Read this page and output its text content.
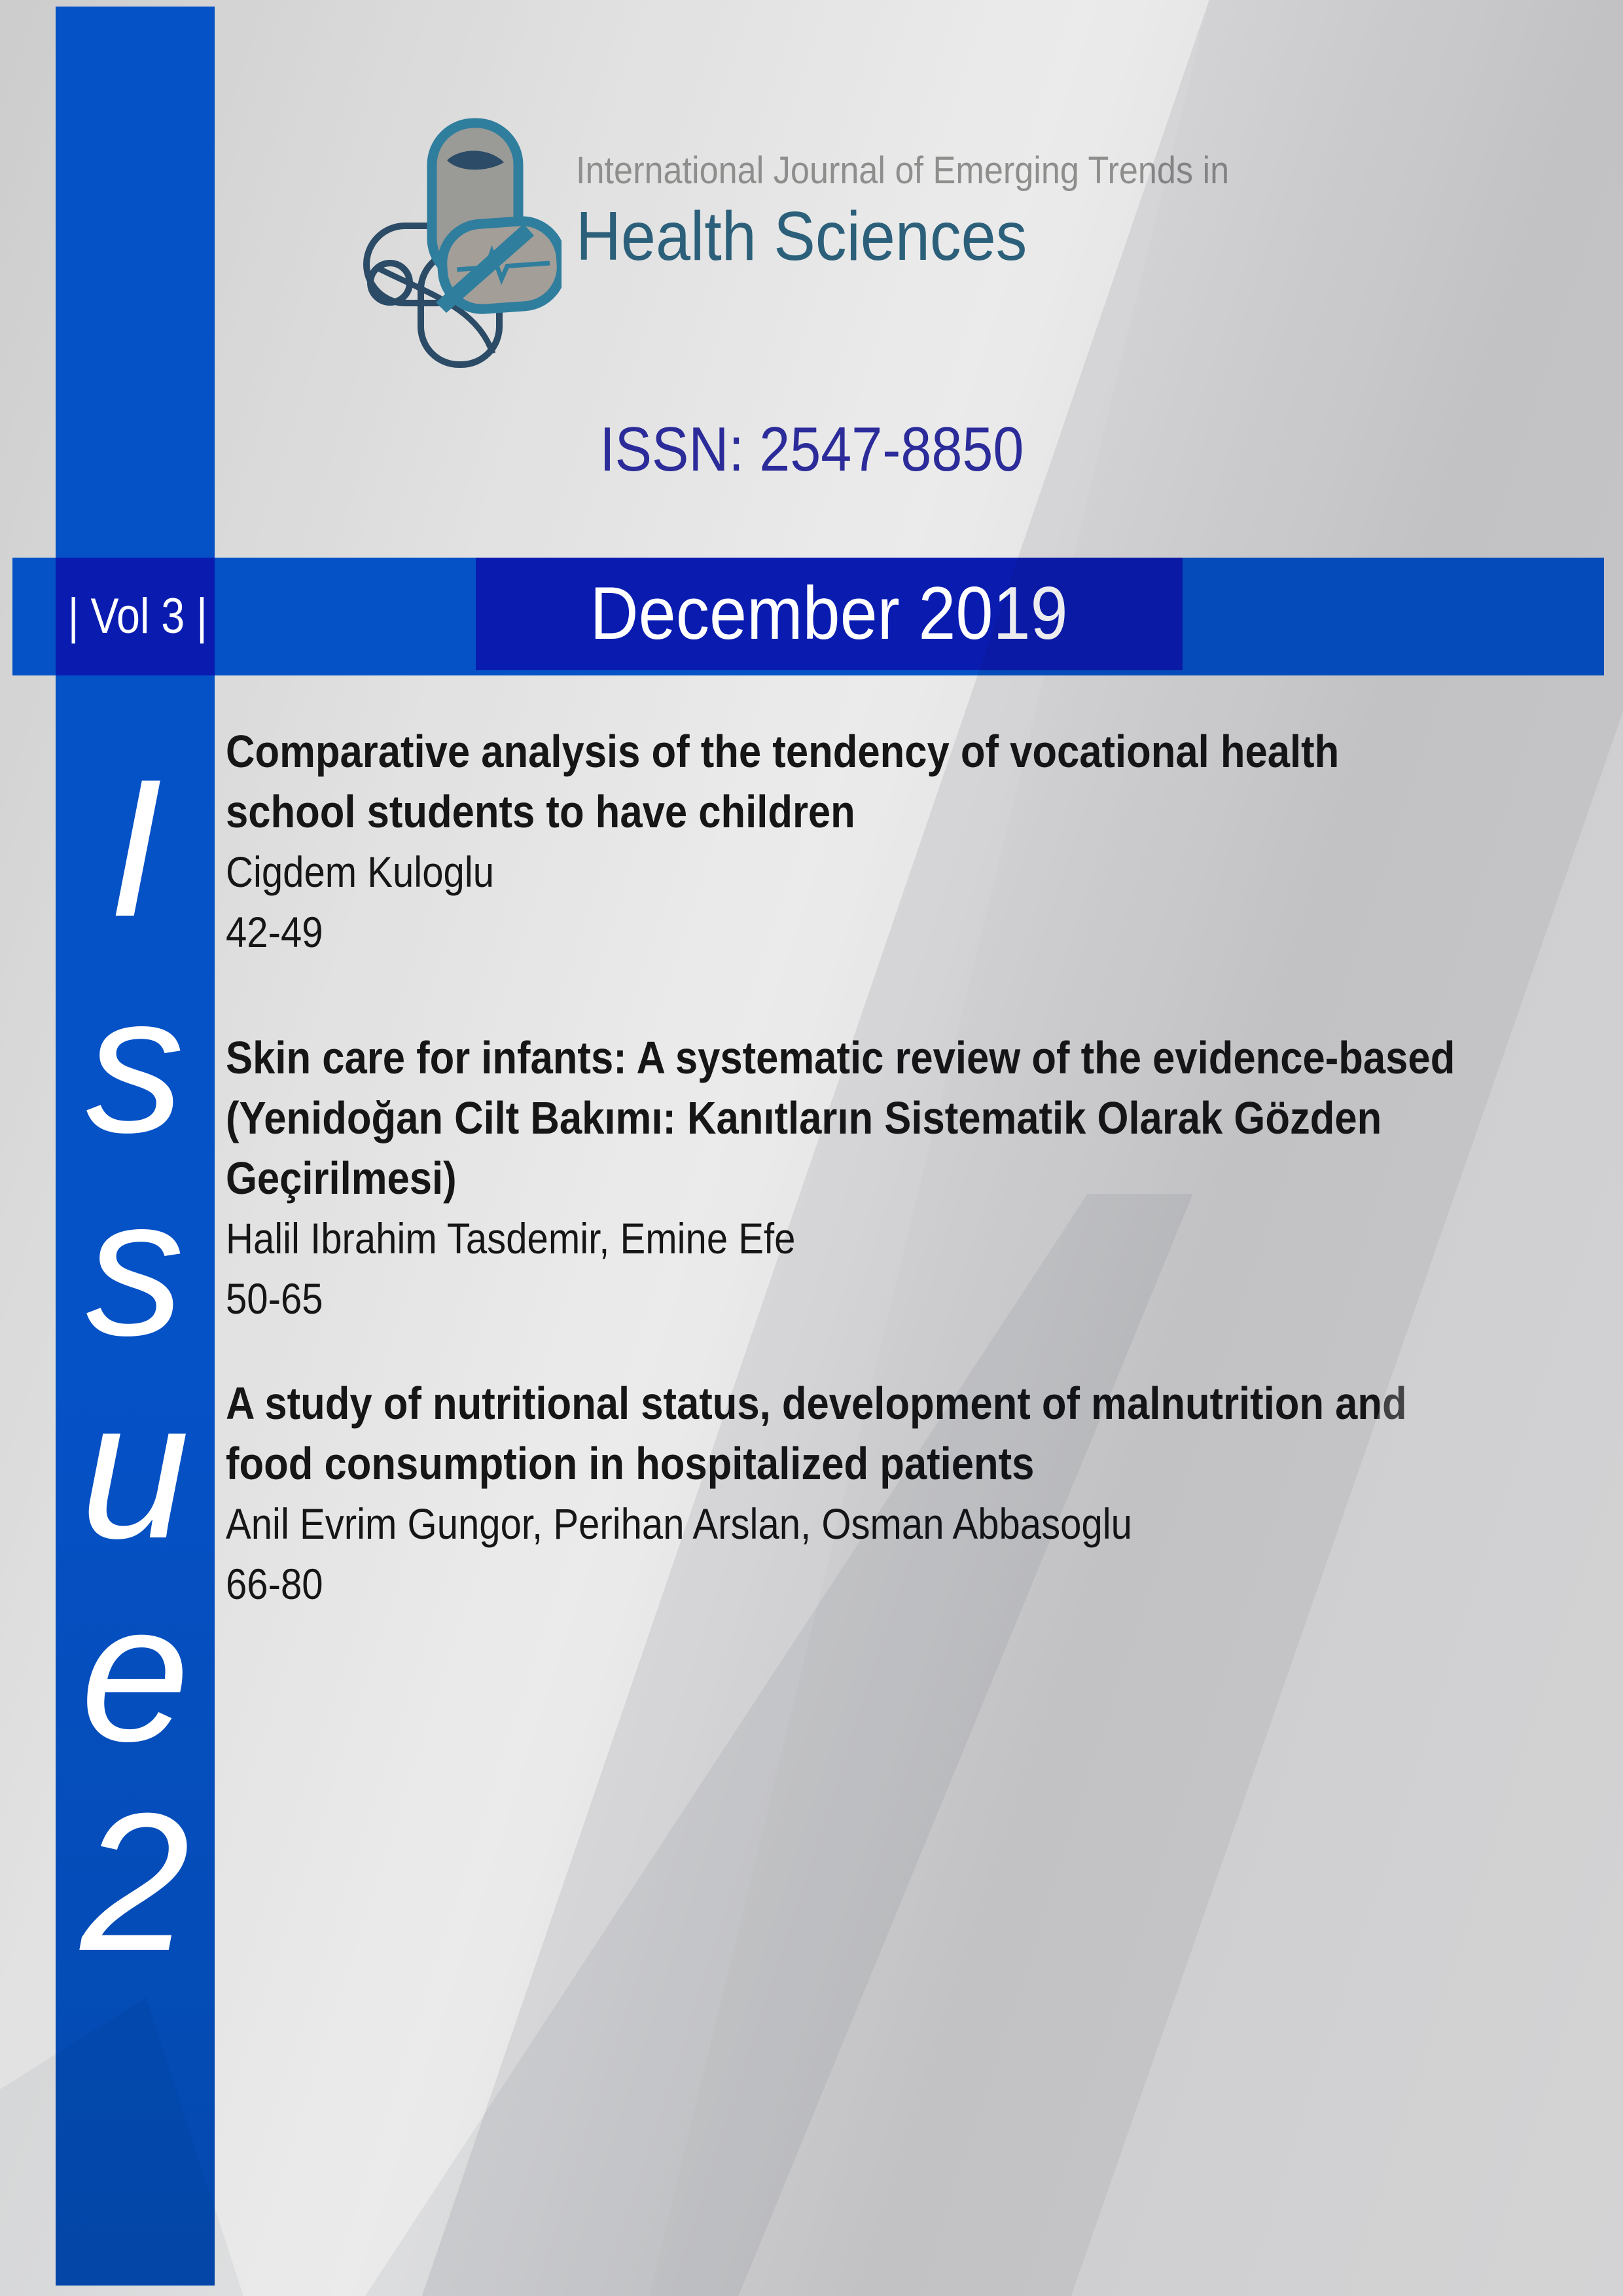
I
s
s
u
e
2
| Vol 3 |	December 2019
International Journal of Emerging Trends in
Health Sciences
ISSN: 2547-8850
Comparative analysis of the tendency of vocational health
school students to have children
Cigdem Kuloglu
42-49
Skin care for infants: A systematic review of the evidence-based
(Yenidoğan Cilt Bakımı: Kanıtların Sistematik Olarak Gözden
Geçirilmesi)
Halil Ibrahim Tasdemir, Emine Efe
50-65
A study of nutritional status, development of malnutrition and
food consumption in hospitalized patients
Anil Evrim Gungor, Perihan Arslan, Osman Abbasoglu
66-80
